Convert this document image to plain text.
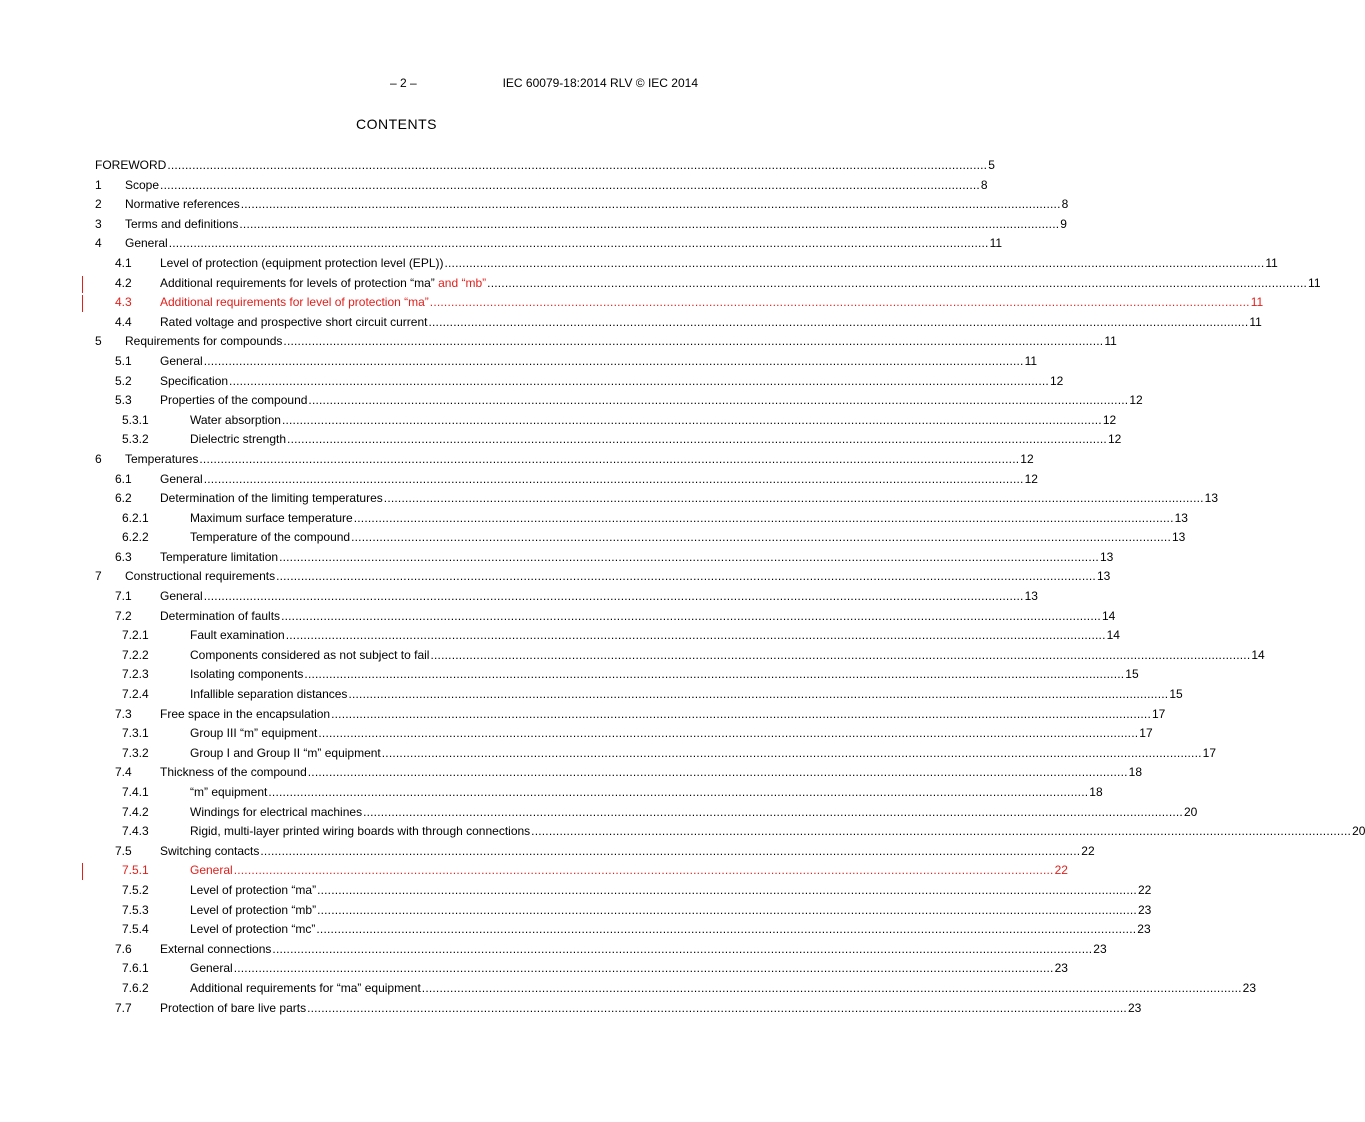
– 2 –	IEC 60079-18:2014 RLV © IEC 2014
CONTENTS
FOREWORD .....	5
1	Scope .....	8
2	Normative references .....	8
3	Terms and definitions .....	9
4	General .....	11
4.1	Level of protection (equipment protection level (EPL)) .....	11
4.2	Additional requirements for levels of protection “ma” and “mb” .....	11
4.3	Additional requirements for level of protection “ma” .....	11
4.4	Rated voltage and prospective short circuit current .....	11
5	Requirements for compounds .....	11
5.1	General .....	11
5.2	Specification .....	12
5.3	Properties of the compound .....	12
5.3.1	Water absorption .....	12
5.3.2	Dielectric strength .....	12
6	Temperatures .....	12
6.1	General .....	12
6.2	Determination of the limiting temperatures .....	13
6.2.1	Maximum surface temperature .....	13
6.2.2	Temperature of the compound .....	13
6.3	Temperature limitation .....	13
7	Constructional requirements .....	13
7.1	General .....	13
7.2	Determination of faults .....	14
7.2.1	Fault examination .....	14
7.2.2	Components considered as not subject to fail .....	14
7.2.3	Isolating components .....	15
7.2.4	Infallible separation distances .....	15
7.3	Free space in the encapsulation .....	17
7.3.1	Group III “m” equipment .....	17
7.3.2	Group I and Group II “m” equipment .....	17
7.4	Thickness of the compound .....	18
7.4.1	“m” equipment .....	18
7.4.2	Windings for electrical machines .....	20
7.4.3	Rigid, multi-layer printed wiring boards with through connections .....	20
7.5	Switching contacts .....	22
7.5.1	General .....	22
7.5.2	Level of protection “ma” .....	22
7.5.3	Level of protection “mb” .....	23
7.5.4	Level of protection “mc” .....	23
7.6	External connections .....	23
7.6.1	General .....	23
7.6.2	Additional requirements for “ma” equipment .....	23
7.7	Protection of bare live parts .....	23
